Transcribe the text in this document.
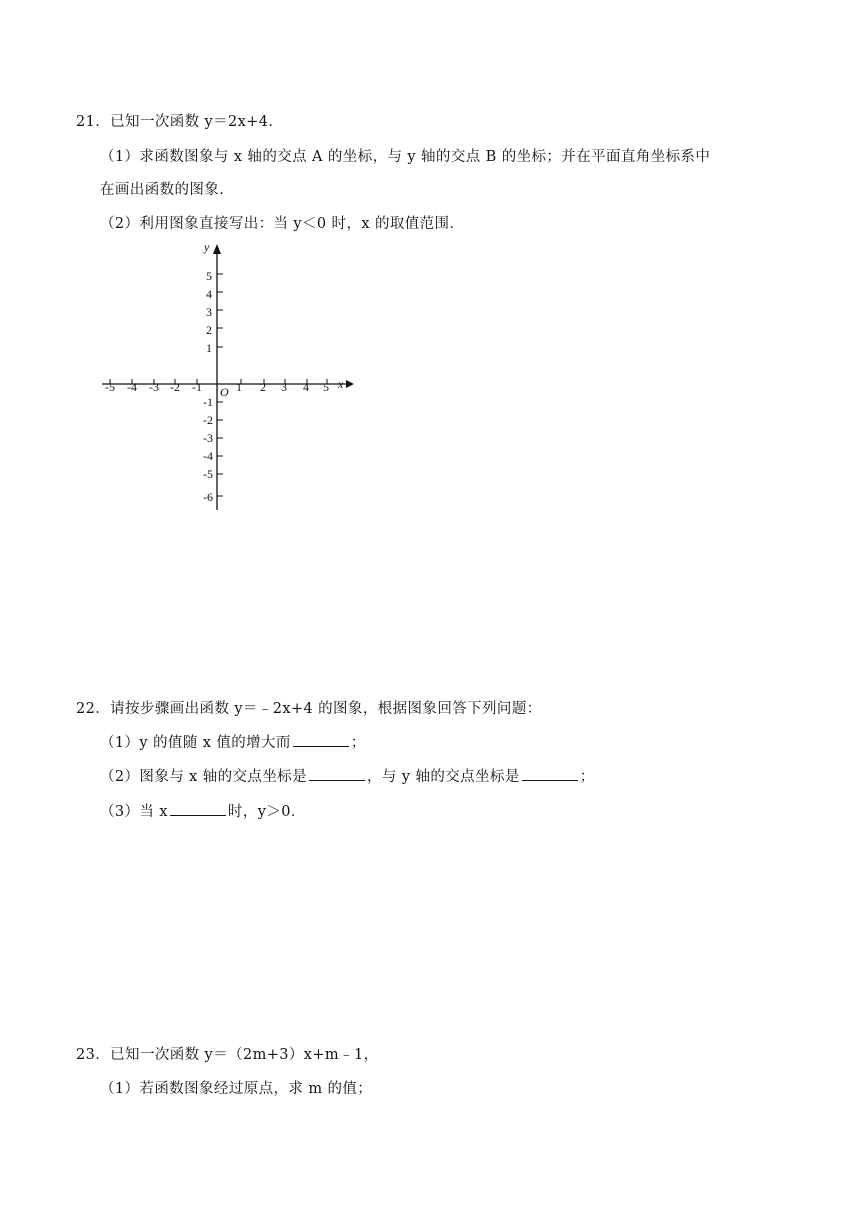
21．已知一次函数 y＝2x+4．
（1）求函数图象与 x 轴的交点 A 的坐标，与 y 轴的交点 B 的坐标；并在平面直角坐标系中
在画出函数的图象．
（2）利用图象直接写出：当 y＜0 时，x 的取值范围．
y
x
O
-5 -4 -3 -2 -1	1 2 3 4 5
5
4
3
2
1
-1
-2
-3
-4
-5
-6
22．请按步骤画出函数 y＝﹣2x+4 的图象，根据图象回答下列问题：
（1）y 的值随 x 值的增大而	；
（2）图象与 x 轴的交点坐标是	，与 y 轴的交点坐标是	；
（3）当 x	时，y＞0．
23．已知一次函数 y＝（2m+3）x+m﹣1，
（1）若函数图象经过原点，求 m 的值；
